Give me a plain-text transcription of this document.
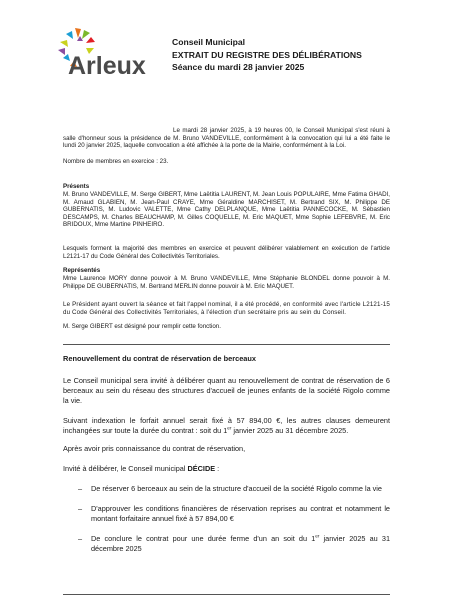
Arleux
Conseil Municipal
EXTRAIT DU REGISTRE DES DÉLIBÉRATIONS
Séance du mardi 28 janvier 2025
Le mardi 28 janvier 2025, à 19 heures 00, le Conseil Municipal s'est réuni à salle d'honneur sous la présidence de M. Bruno VANDEVILLE, conformément à la convocation qui lui a été faite le lundi 20 janvier 2025, laquelle convocation a été affichée à la porte de la Mairie, conformément à la Loi.
Nombre de membres en exercice : 23.
Présents
M. Bruno VANDEVILLE, M. Serge GIBERT, Mme Laëtitia LAURENT, M. Jean Louis POPULAIRE, Mme Fatima GHADI, M. Arnaud GLABIEN, M. Jean-Paul CRAYE, Mme Géraldine MARCHISET, M. Bertrand SIX, M. Philippe DE GUBERNATIS, M. Ludovic VALETTE, Mme Cathy DELPLANQUE, Mme Laëtitia PANNECOCKE, M. Sébastien DESCAMPS, M. Charles BEAUCHAMP, M. Gilles COQUELLE, M. Eric MAQUET, Mme Sophie LEFEBVRE, M. Eric BRIDOUX, Mme Martine PINHEIRO.
Lesquels forment la majorité des membres en exercice et peuvent délibérer valablement en exécution de l'article L2121-17 du Code Général des Collectivités Territoriales.
Représentés
Mme Laurence MORY donne pouvoir à M. Bruno VANDEVILLE, Mme Stéphanie BLONDEL donne pouvoir à M. Philippe DE GUBERNATIS, M. Bertrand MERLIN donne pouvoir à M. Eric MAQUET.
Le Président ayant ouvert la séance et fait l'appel nominal, il a été procédé, en conformité avec l'article L2121-15 du Code Général des Collectivités Territoriales, à l'élection d'un secrétaire pris au sein du Conseil.
M. Serge GIBERT est désigné pour remplir cette fonction.
Renouvellement du contrat de réservation de berceaux
Le Conseil municipal sera invité à délibérer quant au renouvellement de contrat de réservation de 6 berceaux au sein du réseau des structures d'accueil de jeunes enfants de la société Rigolo comme la vie.
Suivant indexation le forfait annuel serait fixé à 57 894,00 €, les autres clauses demeurent inchangées sur toute la durée du contrat : soit du 1er janvier 2025 au 31 décembre 2025.
Après avoir pris connaissance du contrat de réservation,
Invité à délibérer, le Conseil municipal DÉCIDE :
– De réserver 6 berceaux au sein de la structure d'accueil de la société Rigolo comme la vie
– D'approuver les conditions financières de réservation reprises au contrat et notamment le montant forfaitaire annuel fixé à 57 894,00 €
– De conclure le contrat pour une durée ferme d'un an soit du 1er janvier 2025 au 31 décembre 2025
